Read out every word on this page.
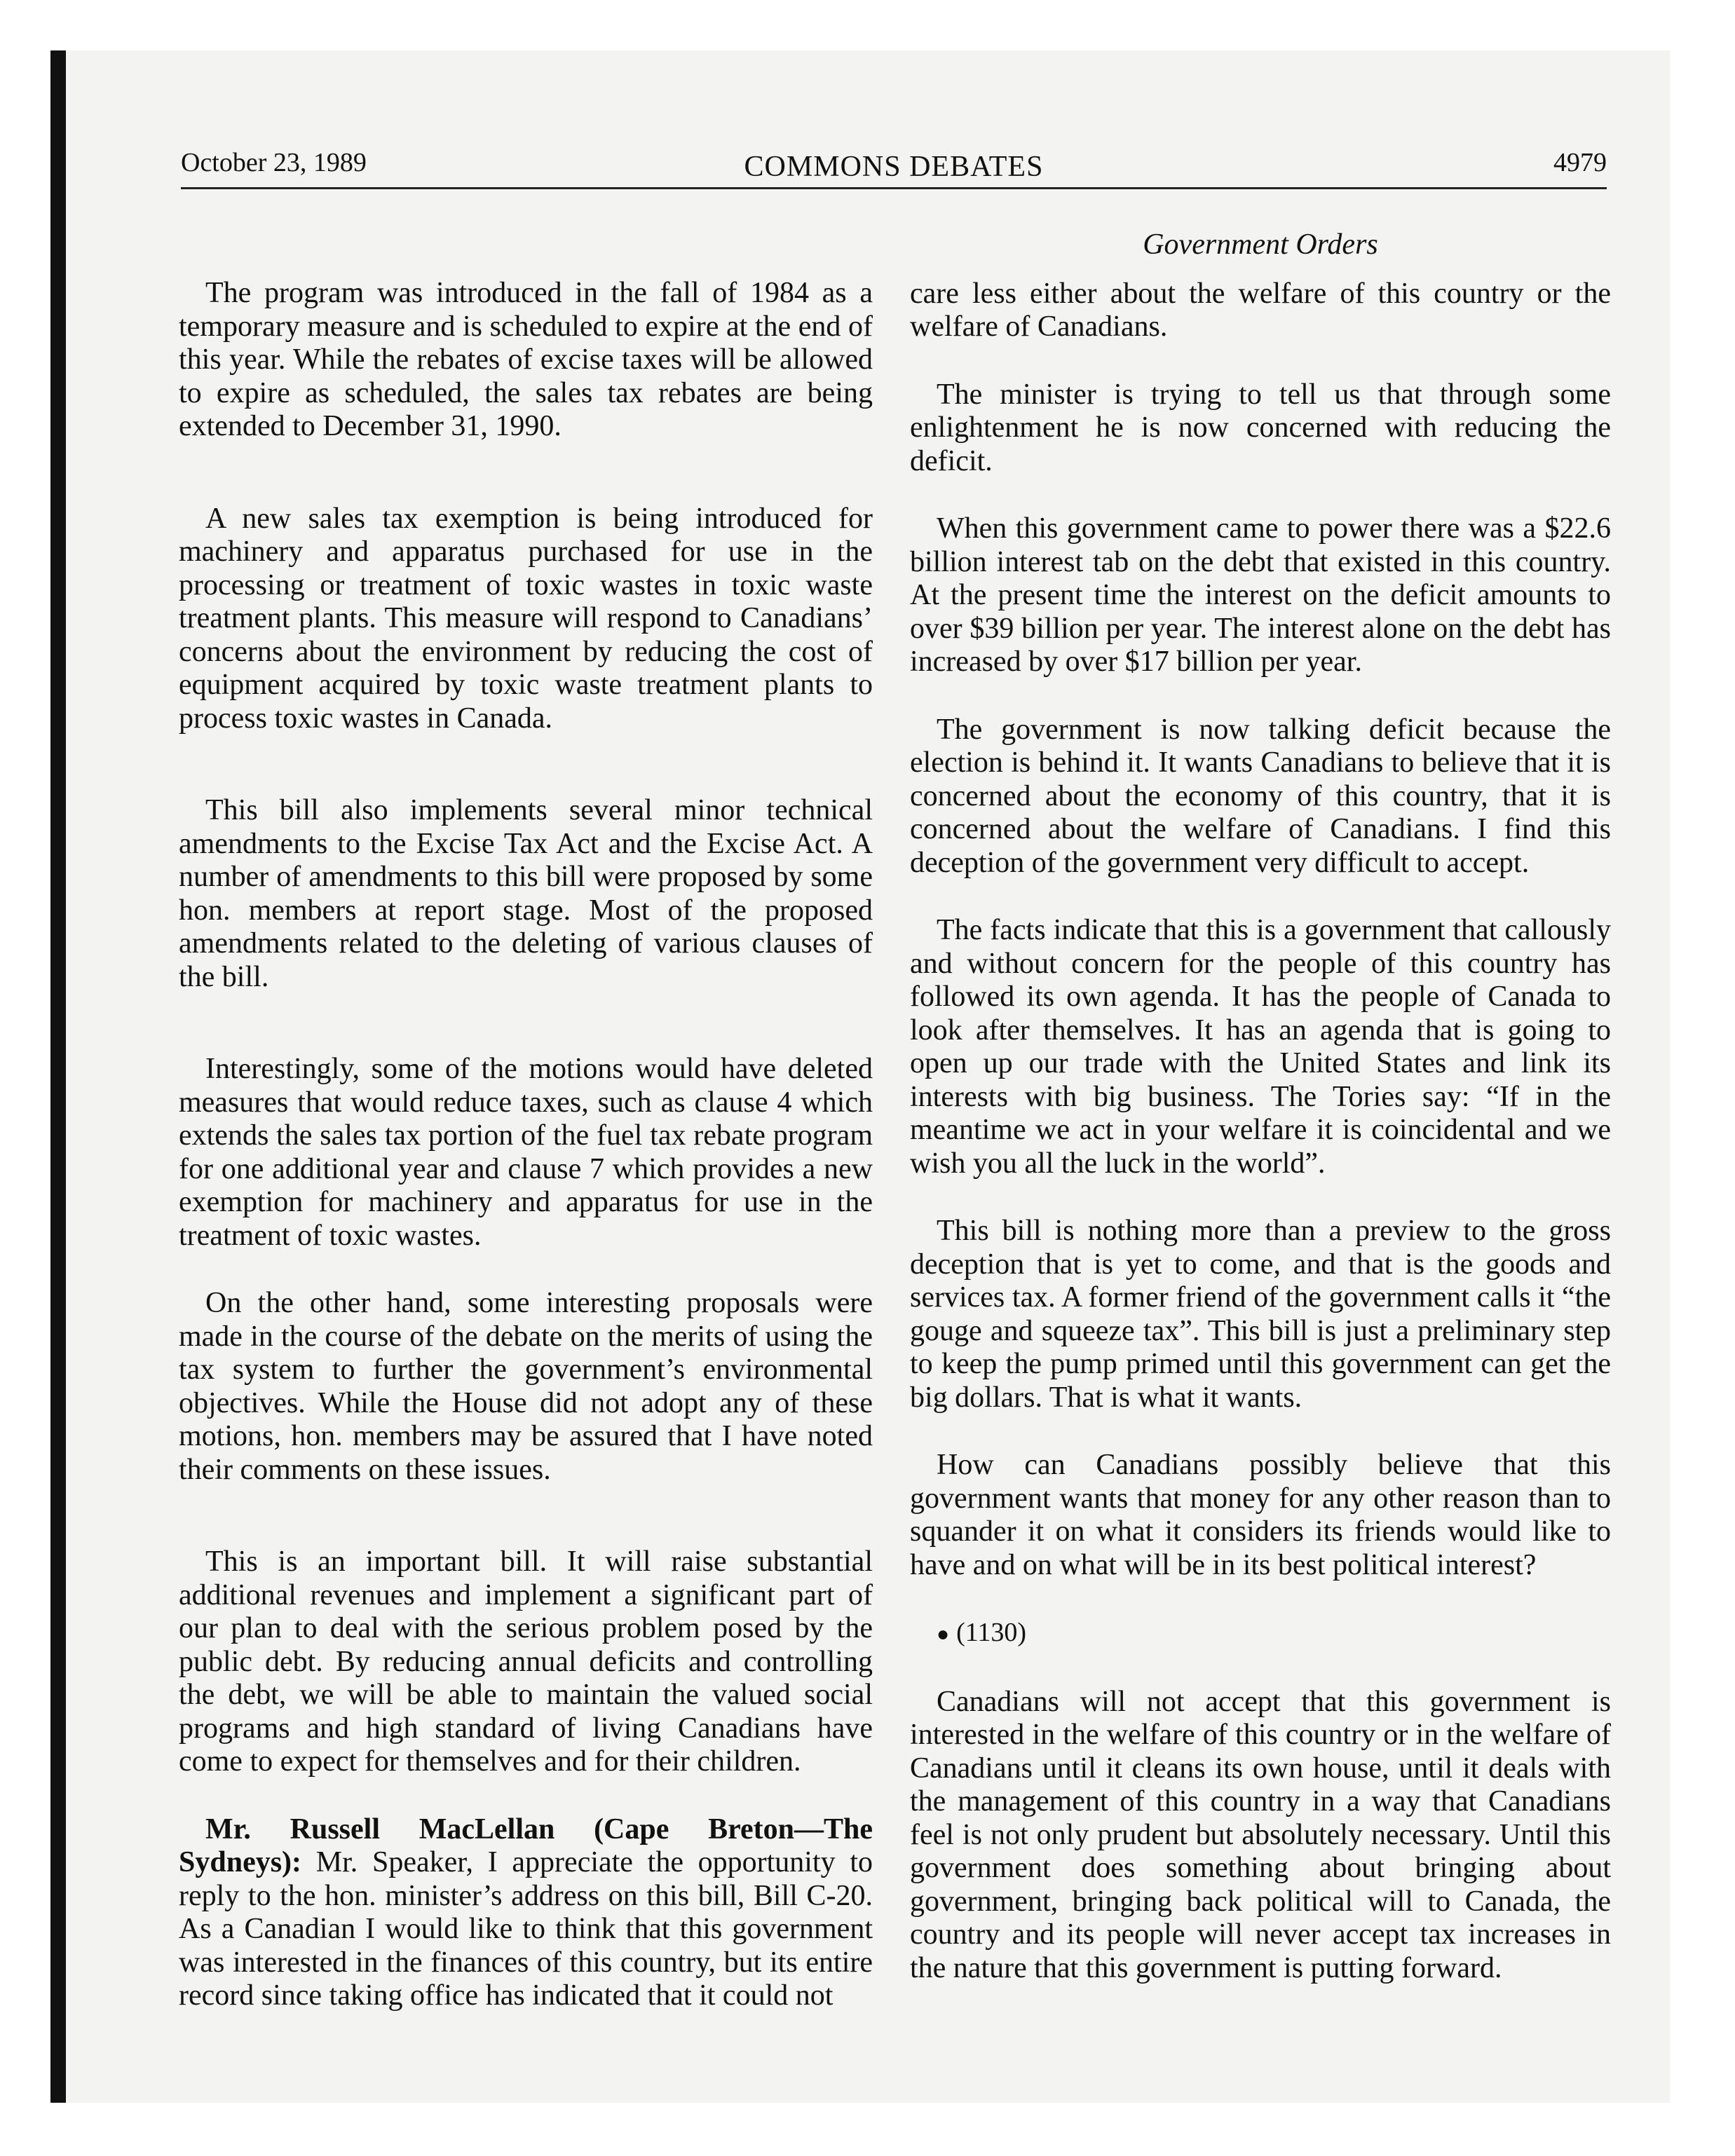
October 23, 1989	COMMONS DEBATES	4979

The program was introduced in the fall of 1984 as a temporary measure and is scheduled to expire at the end of this year. While the rebates of excise taxes will be allowed to expire as scheduled, the sales tax rebates are being extended to December 31, 1990.

A new sales tax exemption is being introduced for machinery and apparatus purchased for use in the processing or treatment of toxic wastes in toxic waste treatment plants. This measure will respond to Canadians’ concerns about the environment by reducing the cost of equipment acquired by toxic waste treatment plants to process toxic wastes in Canada.

This bill also implements several minor technical amendments to the Excise Tax Act and the Excise Act. A number of amendments to this bill were proposed by some hon. members at report stage. Most of the proposed amendments related to the deleting of various clauses of the bill.

Interestingly, some of the motions would have deleted measures that would reduce taxes, such as clause 4 which extends the sales tax portion of the fuel tax rebate program for one additional year and clause 7 which provides a new exemption for machinery and apparatus for use in the treatment of toxic wastes.

On the other hand, some interesting proposals were made in the course of the debate on the merits of using the tax system to further the government’s environmental objectives. While the House did not adopt any of these motions, hon. members may be assured that I have noted their comments on these issues.

This is an important bill. It will raise substantial additional revenues and implement a significant part of our plan to deal with the serious problem posed by the public debt. By reducing annual deficits and controlling the debt, we will be able to maintain the valued social programs and high standard of living Canadians have come to expect for themselves and for their children.

Mr. Russell MacLellan (Cape Breton—The Sydneys): Mr. Speaker, I appreciate the opportunity to reply to the hon. minister’s address on this bill, Bill C-20. As a Canadian I would like to think that this government was interested in the finances of this country, but its entire record since taking office has indicated that it could not

Government Orders

care less either about the welfare of this country or the welfare of Canadians.

The minister is trying to tell us that through some enlightenment he is now concerned with reducing the deficit.

When this government came to power there was a $22.6 billion interest tab on the debt that existed in this country. At the present time the interest on the deficit amounts to over $39 billion per year. The interest alone on the debt has increased by over $17 billion per year.

The government is now talking deficit because the election is behind it. It wants Canadians to believe that it is concerned about the economy of this country, that it is concerned about the welfare of Canadians. I find this deception of the government very difficult to accept.

The facts indicate that this is a government that callously and without concern for the people of this country has followed its own agenda. It has the people of Canada to look after themselves. It has an agenda that is going to open up our trade with the United States and link its interests with big business. The Tories say: “If in the meantime we act in your welfare it is coincidental and we wish you all the luck in the world”.

This bill is nothing more than a preview to the gross deception that is yet to come, and that is the goods and services tax. A former friend of the government calls it “the gouge and squeeze tax”. This bill is just a preliminary step to keep the pump primed until this government can get the big dollars. That is what it wants.

How can Canadians possibly believe that this government wants that money for any other reason than to squander it on what it considers its friends would like to have and on what will be in its best political interest?

● (1130)

Canadians will not accept that this government is interested in the welfare of this country or in the welfare of Canadians until it cleans its own house, until it deals with the management of this country in a way that Canadians feel is not only prudent but absolutely necessary. Until this government does something about bringing about government, bringing back political will to Canada, the country and its people will never accept tax increases in the nature that this government is putting forward.
